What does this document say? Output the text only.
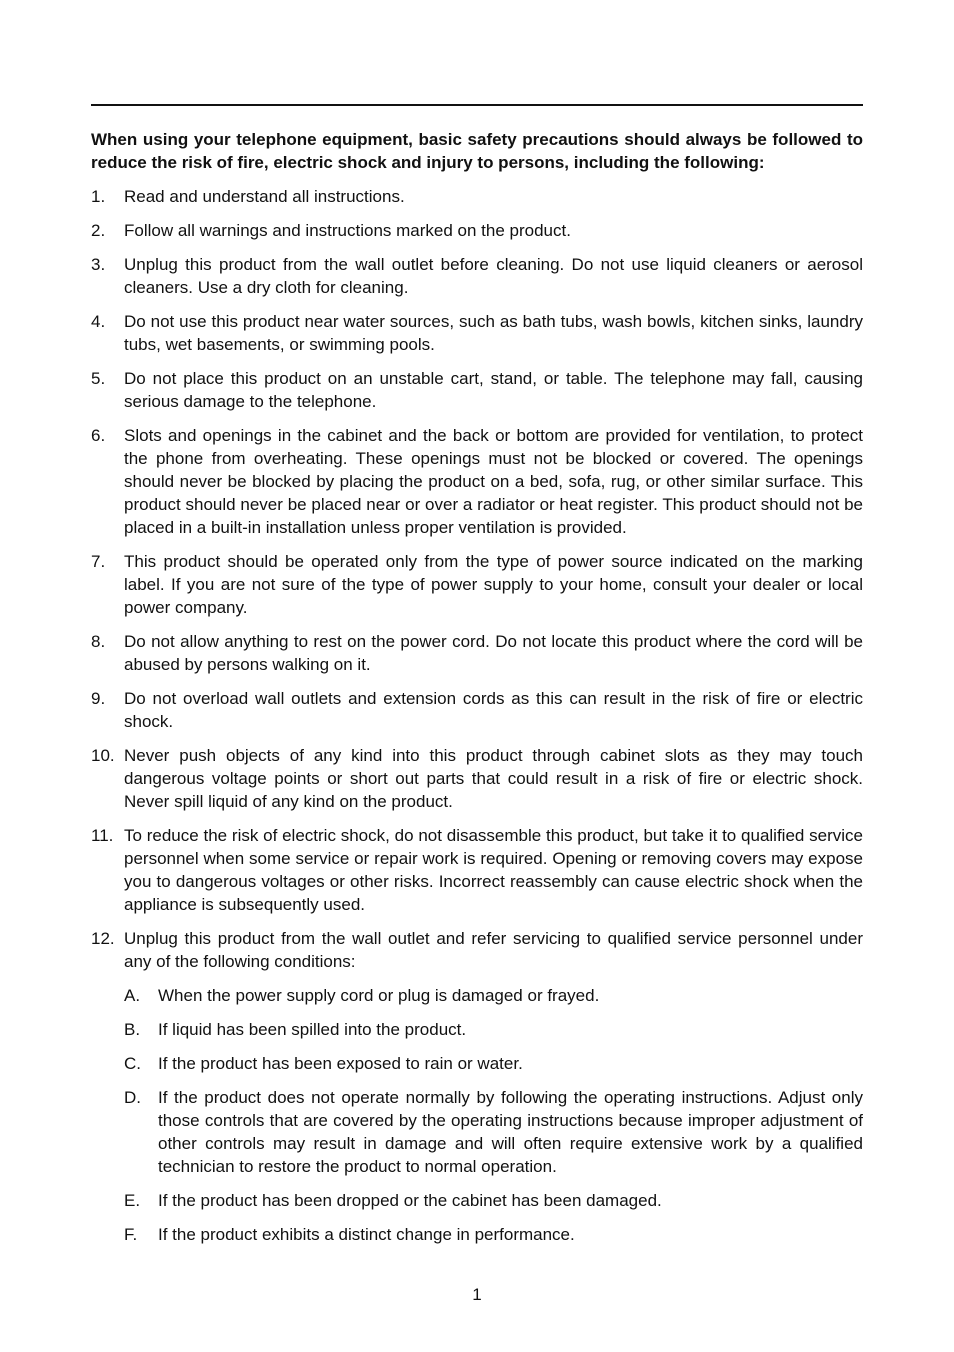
When using your telephone equipment, basic safety precautions should always be followed to reduce the risk of fire, electric shock and injury to persons, including the following:
1. Read and understand all instructions.
2. Follow all warnings and instructions marked on the product.
3. Unplug this product from the wall outlet before cleaning. Do not use liquid cleaners or aerosol cleaners. Use a dry cloth for cleaning.
4. Do not use this product near water sources, such as bath tubs, wash bowls, kitchen sinks, laundry tubs, wet basements, or swimming pools.
5. Do not place this product on an unstable cart, stand, or table. The telephone may fall, causing serious damage to the telephone.
6. Slots and openings in the cabinet and the back or bottom are provided for ventilation, to protect the phone from overheating. These openings must not be blocked or covered. The openings should never be blocked by placing the product on a bed, sofa, rug, or other similar surface. This product should never be placed near or over a radiator or heat register. This product should not be placed in a built-in installation unless proper ventilation is provided.
7. This product should be operated only from the type of power source indicated on the marking label. If you are not sure of the type of power supply to your home, consult your dealer or local power company.
8. Do not allow anything to rest on the power cord. Do not locate this product where the cord will be abused by persons walking on it.
9. Do not overload wall outlets and extension cords as this can result in the risk of fire or electric shock.
10. Never push objects of any kind into this product through cabinet slots as they may touch dangerous voltage points or short out parts that could result in a risk of fire or electric shock. Never spill liquid of any kind on the product.
11. To reduce the risk of electric shock, do not disassemble this product, but take it to qualified service personnel when some service or repair work is required. Opening or removing covers may expose you to dangerous voltages or other risks. Incorrect reassembly can cause electric shock when the appliance is subsequently used.
12. Unplug this product from the wall outlet and refer servicing to qualified service personnel under any of the following conditions:
A. When the power supply cord or plug is damaged or frayed.
B. If liquid has been spilled into the product.
C. If the product has been exposed to rain or water.
D. If the product does not operate normally by following the operating instructions. Adjust only those controls that are covered by the operating instructions because improper adjustment of other controls may result in damage and will often require extensive work by a qualified technician to restore the product to normal operation.
E. If the product has been dropped or the cabinet has been damaged.
F. If the product exhibits a distinct change in performance.
1
